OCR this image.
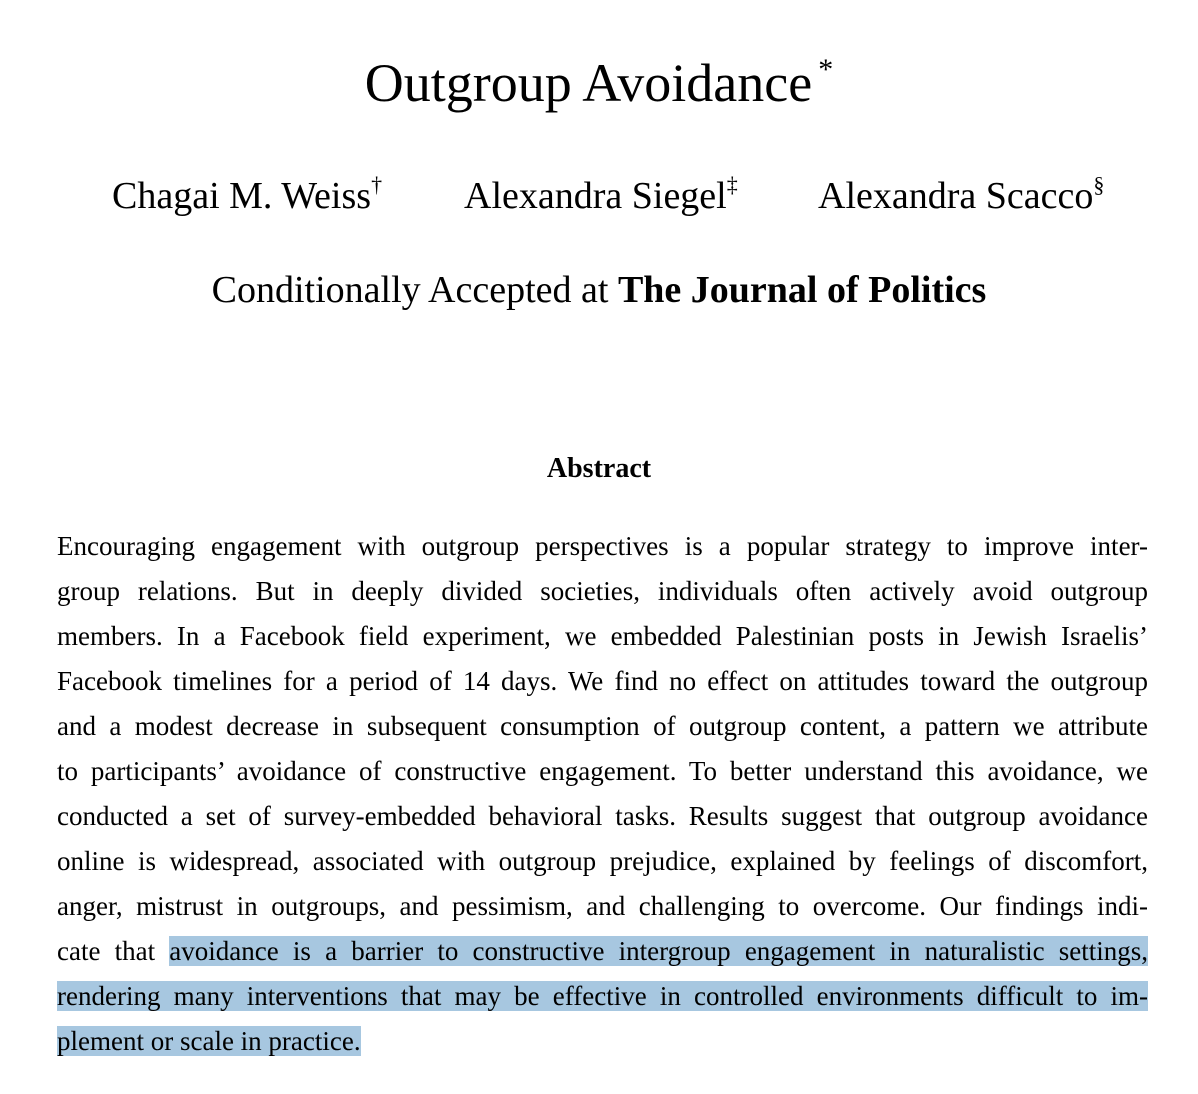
Outgroup Avoidance *
Chagai M. Weiss† Alexandra Siegel‡ Alexandra Scacco§
Conditionally Accepted at The Journal of Politics
Abstract
Encouraging engagement with outgroup perspectives is a popular strategy to improve inter-
group relations. But in deeply divided societies, individuals often actively avoid outgroup
members. In a Facebook field experiment, we embedded Palestinian posts in Jewish Israelis’
Facebook timelines for a period of 14 days. We find no effect on attitudes toward the outgroup
and a modest decrease in subsequent consumption of outgroup content, a pattern we attribute
to participants’ avoidance of constructive engagement. To better understand this avoidance, we
conducted a set of survey-embedded behavioral tasks. Results suggest that outgroup avoidance
online is widespread, associated with outgroup prejudice, explained by feelings of discomfort,
anger, mistrust in outgroups, and pessimism, and challenging to overcome. Our findings indi-
cate that avoidance is a barrier to constructive intergroup engagement in naturalistic settings,
rendering many interventions that may be effective in controlled environments difficult to im-
plement or scale in practice.
